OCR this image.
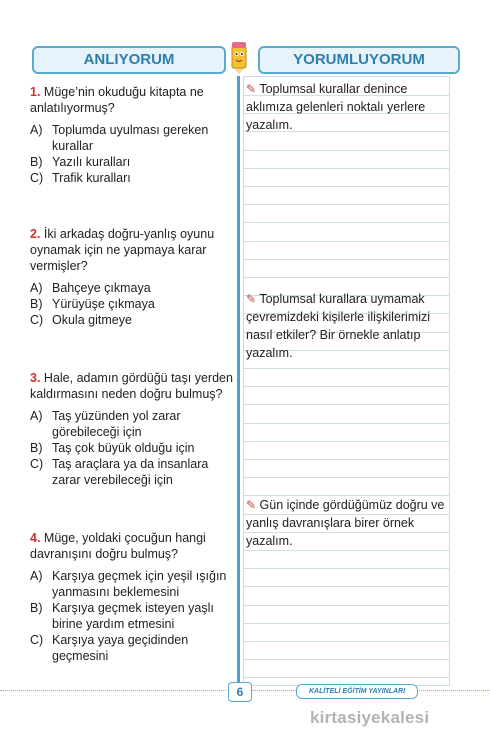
ANLIYORUM	YORUMLUYORUM
1. Müge’nin okuduğu kitapta ne anlatılıyormuş?
A) Toplumda uyulması gereken kurallar
B) Yazılı kuralları
C) Trafik kuralları
2. İki arkadaş doğru-yanlış oyunu oynamak için ne yapmaya karar vermişler?
A) Bahçeye çıkmaya
B) Yürüyüşe çıkmaya
C) Okula gitmeye
3. Hale, adamın gördüğü taşı yerden kaldırmasını neden doğru bulmuş?
A) Taş yüzünden yol zarar görebileceği için
B) Taş çok büyük olduğu için
C) Taş araçlara ya da insanlara zarar verebileceği için
4. Müge, yoldaki çocuğun hangi davranışını doğru bulmuş?
A) Karşıya geçmek için yeşil ışığın yanmasını beklemesini
B) Karşıya geçmek isteyen yaşlı birine yardım etmesini
C) Karşıya yaya geçidinden geçmesini
✎ Toplumsal kurallar denince aklımıza gelenleri noktalı yerlere yazalım.
✎ Toplumsal kurallara uymamak çevremizdeki kişilerle ilişkilerimizi nasıl etkiler? Bir örnekle anlatıp yazalım.
✎ Gün içinde gördüğümüz doğru ve yanlış davranışlara birer örnek yazalım.
6	KALİTELİ EĞİTİM YAYINLARI
kirtasiyekalesi
